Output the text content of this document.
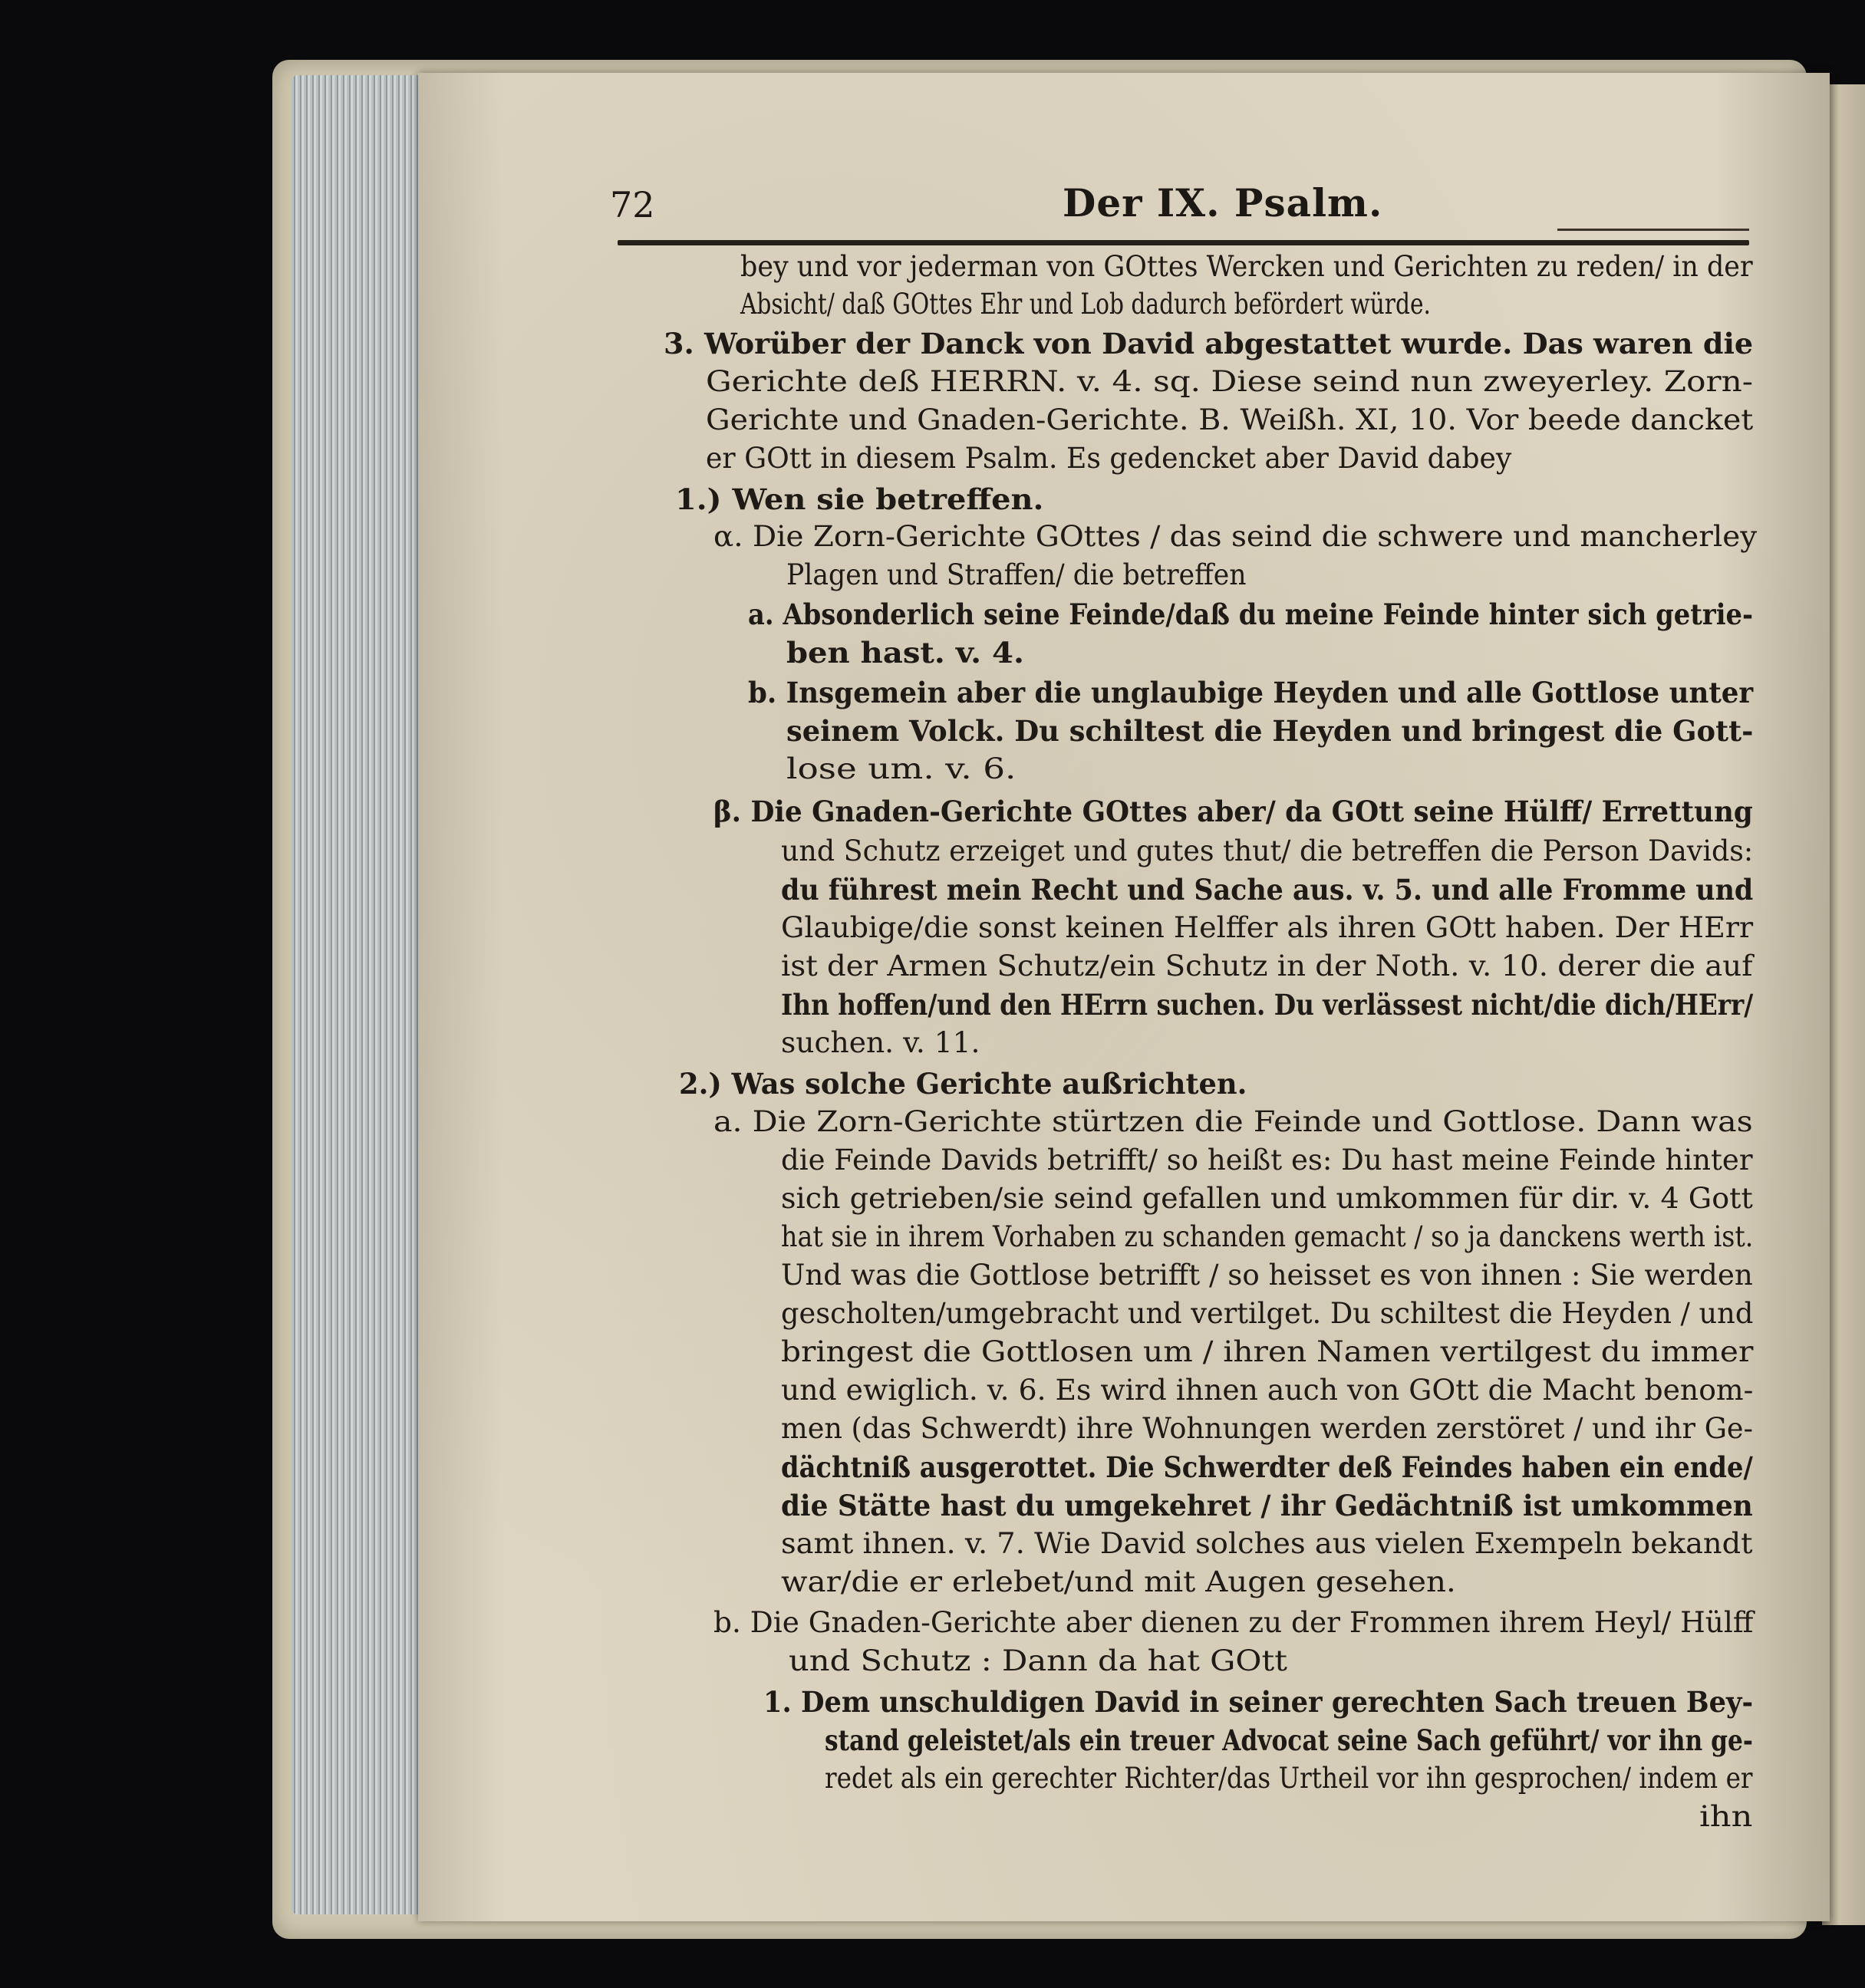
72	Der IX. Psalm.
bey und vor jederman von GOttes Wercken und Gerichten zu reden/ in der
Absicht/ daß GOttes Ehr und Lob dadurch befördert würde.
3. Worüber der Danck von David abgestattet wurde. Das waren die
Gerichte deß HERRN. v. 4. sq. Diese seind nun zweyerley. Zorn-
Gerichte und Gnaden-Gerichte. B. Weißh. XI, 10. Vor beede dancket
er GOtt in diesem Psalm. Es gedencket aber David dabey
1.) Wen sie betreffen.
α. Die Zorn-Gerichte GOttes / das seind die schwere und mancherley
Plagen und Straffen/ die betreffen
a. Absonderlich seine Feinde/daß du meine Feinde hinter sich getrie-
ben hast. v. 4.
b. Insgemein aber die unglaubige Heyden und alle Gottlose unter
seinem Volck. Du schiltest die Heyden und bringest die Gott-
lose um. v. 6.
β. Die Gnaden-Gerichte GOttes aber/ da GOtt seine Hülff/ Errettung
und Schutz erzeiget und gutes thut/ die betreffen die Person Davids:
du führest mein Recht und Sache aus. v. 5. und alle Fromme und
Glaubige/die sonst keinen Helffer als ihren GOtt haben. Der HErr
ist der Armen Schutz/ein Schutz in der Noth. v. 10. derer die auf
Ihn hoffen/und den HErrn suchen. Du verlässest nicht/die dich/HErr/
suchen. v. 11.
2.) Was solche Gerichte außrichten.
a. Die Zorn-Gerichte stürtzen die Feinde und Gottlose. Dann was
die Feinde Davids betrifft/ so heißt es: Du hast meine Feinde hinter
sich getrieben/sie seind gefallen und umkommen für dir. v. 4 Gott
hat sie in ihrem Vorhaben zu schanden gemacht / so ja danckens werth ist.
Und was die Gottlose betrifft / so heisset es von ihnen : Sie werden
gescholten/umgebracht und vertilget. Du schiltest die Heyden / und
bringest die Gottlosen um / ihren Namen vertilgest du immer
und ewiglich. v. 6. Es wird ihnen auch von GOtt die Macht benom-
men (das Schwerdt) ihre Wohnungen werden zerstöret / und ihr Ge-
dächtniß ausgerottet. Die Schwerdter deß Feindes haben ein ende/
die Stätte hast du umgekehret / ihr Gedächtniß ist umkommen
samt ihnen. v. 7. Wie David solches aus vielen Exempeln bekandt
war/die er erlebet/und mit Augen gesehen.
b. Die Gnaden-Gerichte aber dienen zu der Frommen ihrem Heyl/ Hülff
und Schutz : Dann da hat GOtt
1. Dem unschuldigen David in seiner gerechten Sach treuen Bey-
stand geleistet/als ein treuer Advocat seine Sach geführt/ vor ihn ge-
redet als ein gerechter Richter/das Urtheil vor ihn gesprochen/ indem er
ihn
